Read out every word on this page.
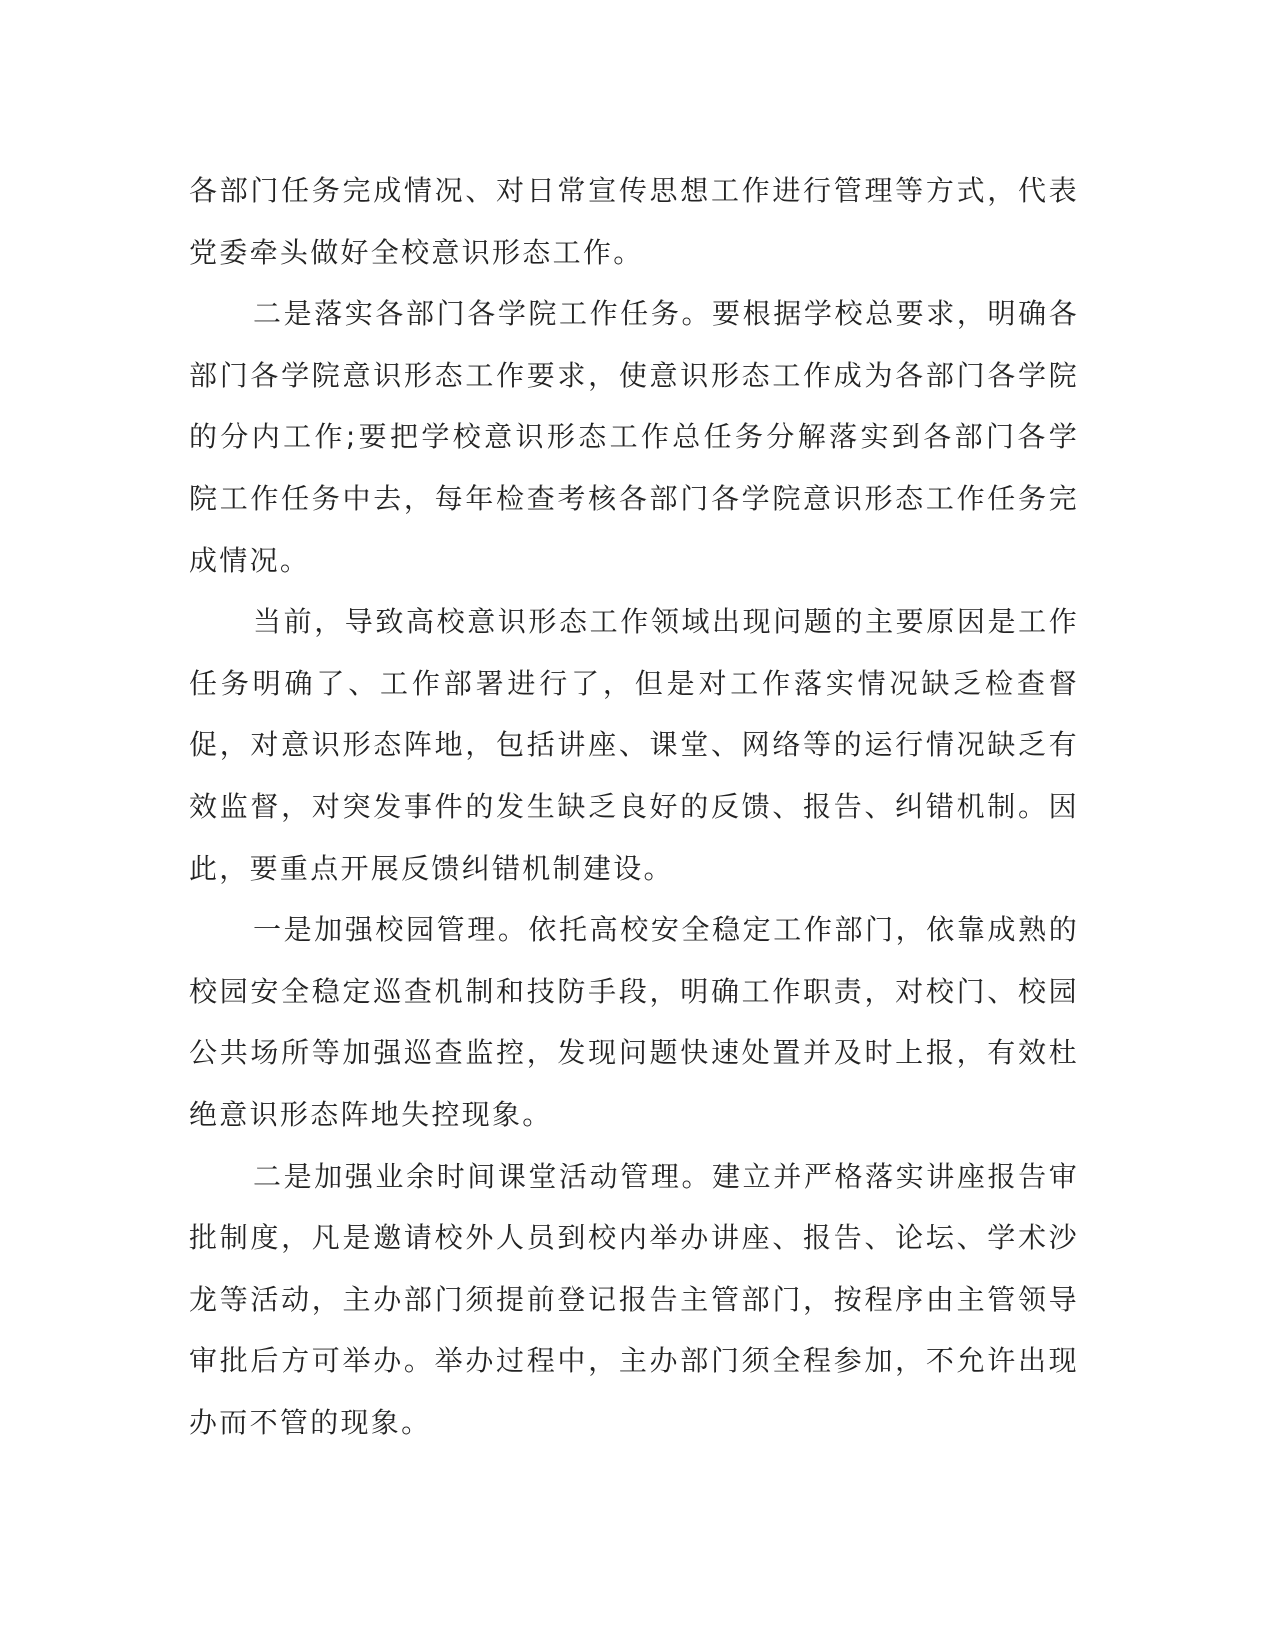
各部门任务完成情况、对日常宣传思想工作进行管理等方式，代表党委牵头做好全校意识形态工作。

二是落实各部门各学院工作任务。要根据学校总要求，明确各部门各学院意识形态工作要求，使意识形态工作成为各部门各学院的分内工作;要把学校意识形态工作总任务分解落实到各部门各学院工作任务中去，每年检查考核各部门各学院意识形态工作任务完成情况。

当前，导致高校意识形态工作领域出现问题的主要原因是工作任务明确了、工作部署进行了，但是对工作落实情况缺乏检查督促，对意识形态阵地，包括讲座、课堂、网络等的运行情况缺乏有效监督，对突发事件的发生缺乏良好的反馈、报告、纠错机制。因此，要重点开展反馈纠错机制建设。

一是加强校园管理。依托高校安全稳定工作部门，依靠成熟的校园安全稳定巡查机制和技防手段，明确工作职责，对校门、校园公共场所等加强巡查监控，发现问题快速处置并及时上报，有效杜绝意识形态阵地失控现象。

二是加强业余时间课堂活动管理。建立并严格落实讲座报告审批制度，凡是邀请校外人员到校内举办讲座、报告、论坛、学术沙龙等活动，主办部门须提前登记报告主管部门，按程序由主管领导审批后方可举办。举办过程中，主办部门须全程参加，不允许出现办而不管的现象。
